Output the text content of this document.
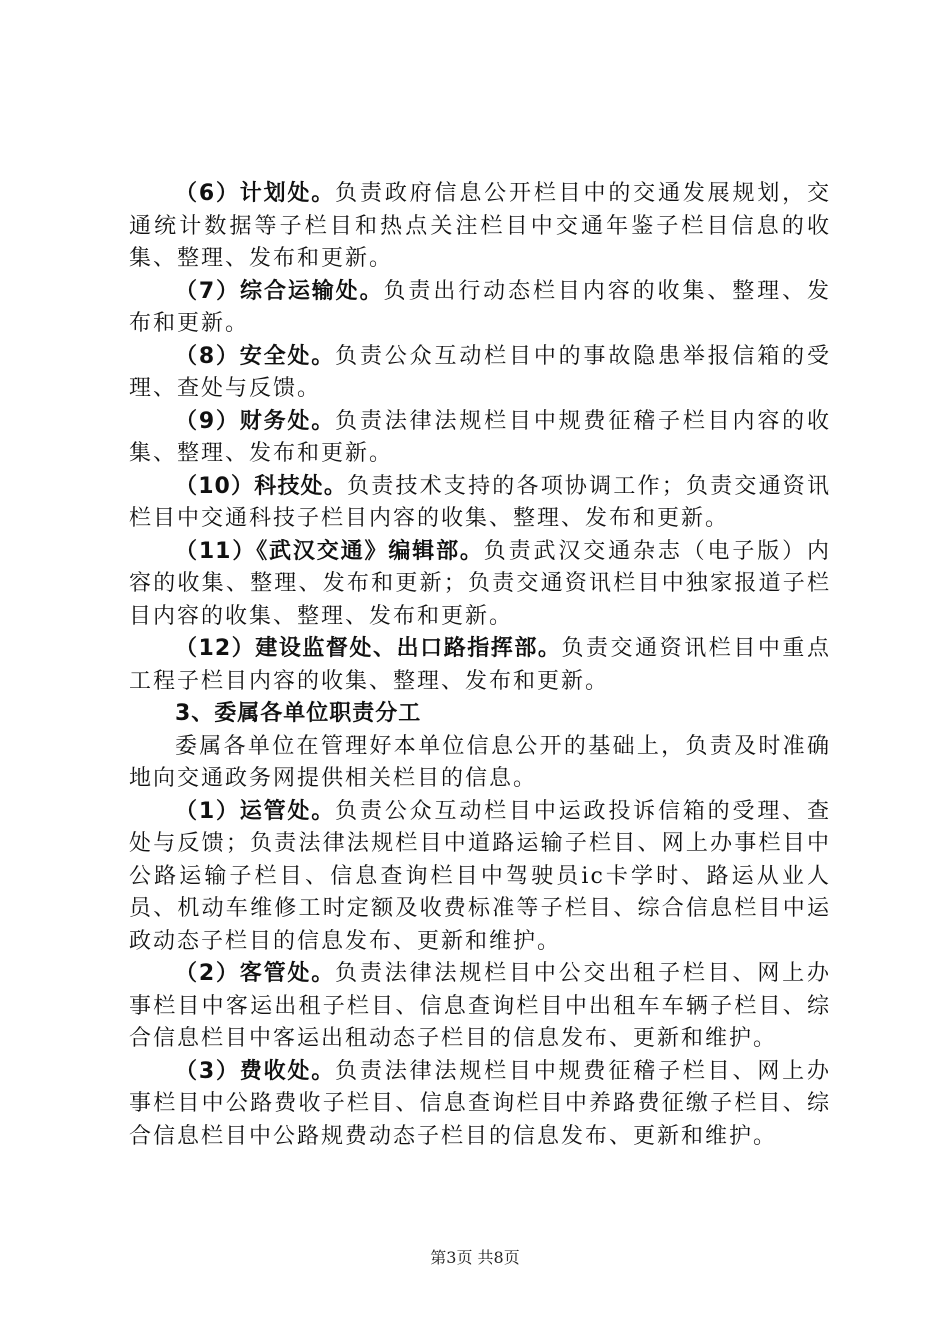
（6）计划处。负责政府信息公开栏目中的交通发展规划，交通统计数据等子栏目和热点关注栏目中交通年鉴子栏目信息的收集、整理、发布和更新。

（7）综合运输处。负责出行动态栏目内容的收集、整理、发布和更新。

（8）安全处。负责公众互动栏目中的事故隐患举报信箱的受理、查处与反馈。

（9）财务处。负责法律法规栏目中规费征稽子栏目内容的收集、整理、发布和更新。

（10）科技处。负责技术支持的各项协调工作；负责交通资讯栏目中交通科技子栏目内容的收集、整理、发布和更新。

（11）《武汉交通》编辑部。负责武汉交通杂志（电子版）内容的收集、整理、发布和更新；负责交通资讯栏目中独家报道子栏目内容的收集、整理、发布和更新。

（12）建设监督处、出口路指挥部。负责交通资讯栏目中重点工程子栏目内容的收集、整理、发布和更新。

3、委属各单位职责分工

委属各单位在管理好本单位信息公开的基础上，负责及时准确地向交通政务网提供相关栏目的信息。

（1）运管处。负责公众互动栏目中运政投诉信箱的受理、查处与反馈；负责法律法规栏目中道路运输子栏目、网上办事栏目中公路运输子栏目、信息查询栏目中驾驶员ic卡学时、路运从业人员、机动车维修工时定额及收费标准等子栏目、综合信息栏目中运政动态子栏目的信息发布、更新和维护。

（2）客管处。负责法律法规栏目中公交出租子栏目、网上办事栏目中客运出租子栏目、信息查询栏目中出租车车辆子栏目、综合信息栏目中客运出租动态子栏目的信息发布、更新和维护。

（3）费收处。负责法律法规栏目中规费征稽子栏目、网上办事栏目中公路费收子栏目、信息查询栏目中养路费征缴子栏目、综合信息栏目中公路规费动态子栏目的信息发布、更新和维护。

第3页 共8页
